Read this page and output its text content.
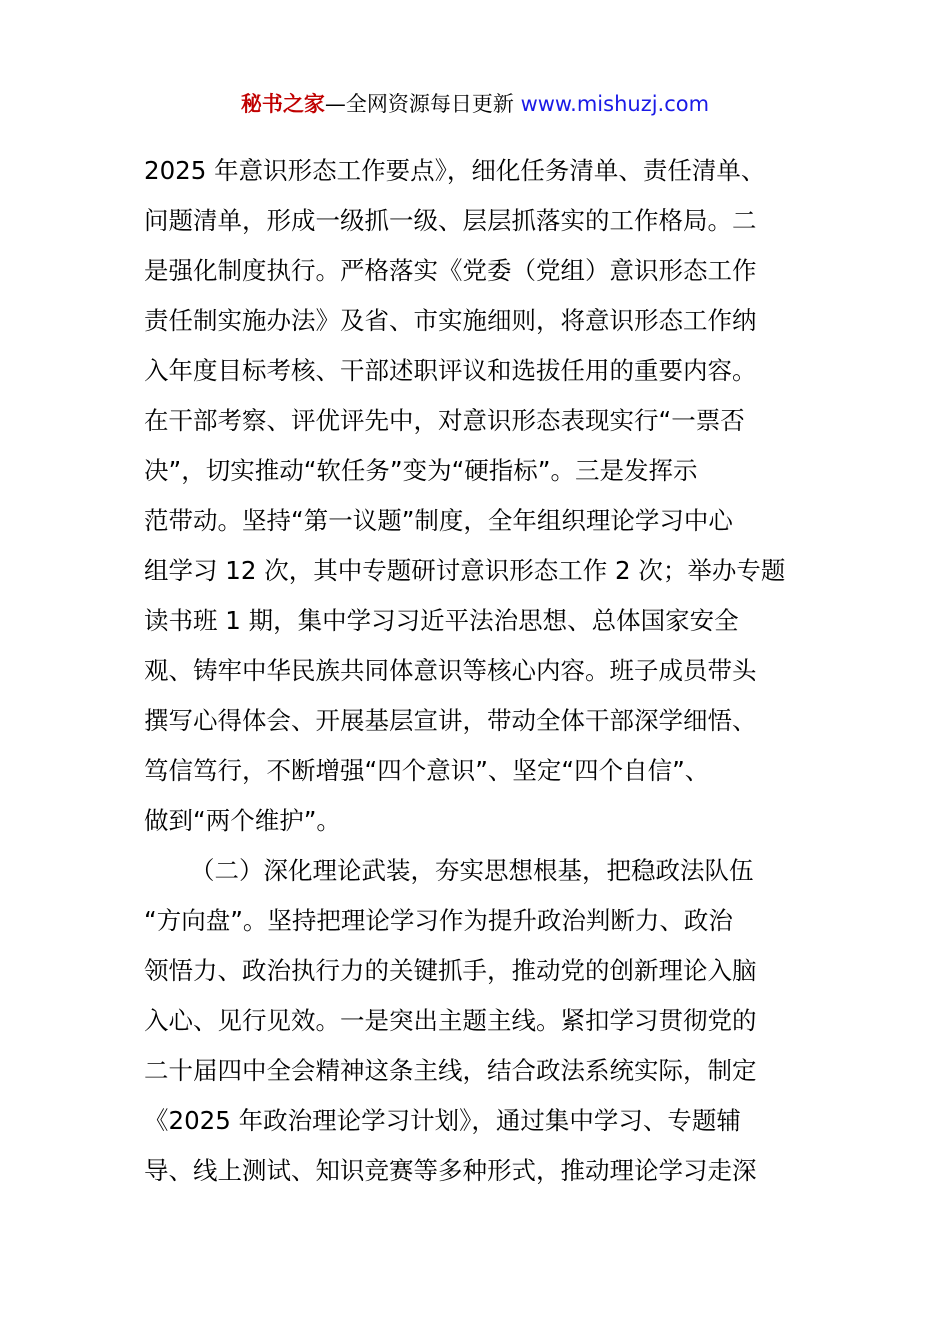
秘书之家—全网资源每日更新 www.mishuzj.com
2025 年意识形态工作要点》，细化任务清单、责任清单、
问题清单，形成一级抓一级、层层抓落实的工作格局。二
是强化制度执行。严格落实《党委（党组）意识形态工作
责任制实施办法》及省、市实施细则，将意识形态工作纳
入年度目标考核、干部述职评议和选拔任用的重要内容。
在干部考察、评优评先中，对意识形态表现实行“一票否
决”，切实推动“软任务”变为“硬指标”。三是发挥示
范带动。坚持“第一议题”制度，全年组织理论学习中心
组学习 12 次，其中专题研讨意识形态工作 2 次；举办专题
读书班 1 期，集中学习习近平法治思想、总体国家安全
观、铸牢中华民族共同体意识等核心内容。班子成员带头
撰写心得体会、开展基层宣讲，带动全体干部深学细悟、
笃信笃行，不断增强“四个意识”、坚定“四个自信”、
做到“两个维护”。
（二）深化理论武装，夯实思想根基，把稳政法队伍
“方向盘”。坚持把理论学习作为提升政治判断力、政治
领悟力、政治执行力的关键抓手，推动党的创新理论入脑
入心、见行见效。一是突出主题主线。紧扣学习贯彻党的
二十届四中全会精神这条主线，结合政法系统实际，制定
《2025 年政治理论学习计划》，通过集中学习、专题辅
导、线上测试、知识竞赛等多种形式，推动理论学习走深
